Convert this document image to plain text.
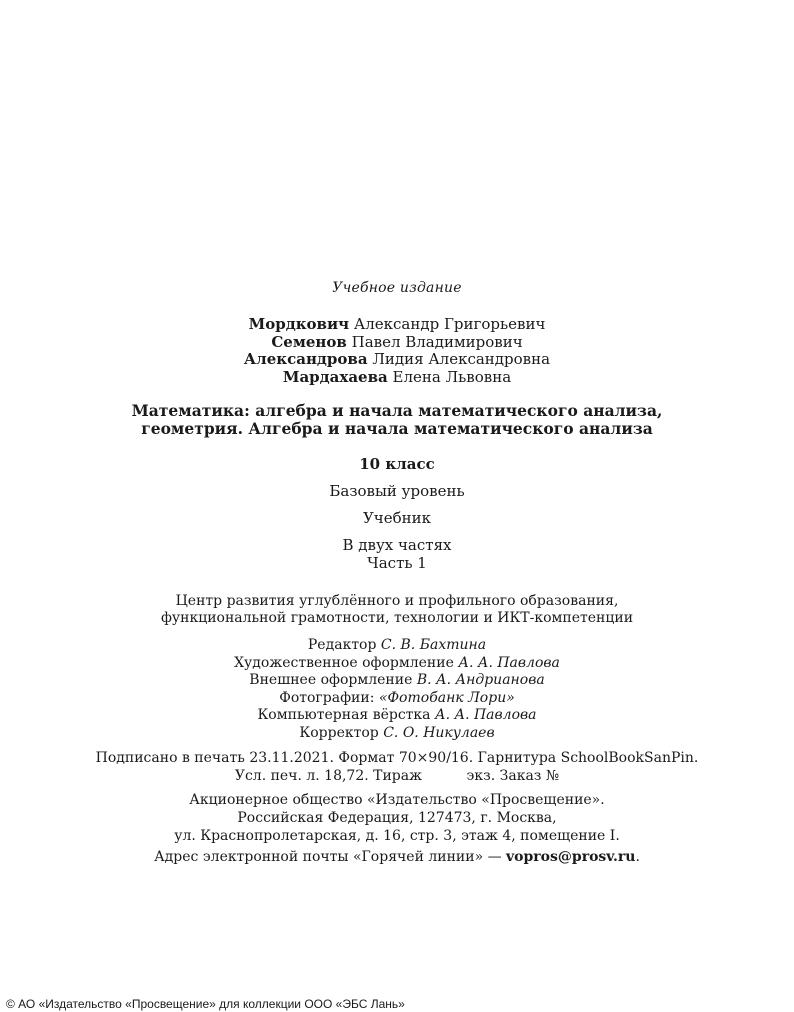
Учебное издание
Мордкович Александр Григорьевич
Семенов Павел Владимирович
Александрова Лидия Александровна
Мардахаева Елена Львовна
Математика: алгебра и начала математического анализа,
геометрия. Алгебра и начала математического анализа
10 класс
Базовый уровень
Учебник
В двух частях
Часть 1
Центр развития углублённого и профильного образования,
функциональной грамотности, технологии и ИКТ-компетенции
Редактор С. В. Бахтина
Художественное оформление А. А. Павлова
Внешнее оформление В. А. Андрианова
Фотографии: «Фотобанк Лори»
Компьютерная вёрстка А. А. Павлова
Корректор С. О. Никулаев
Подписано в печать 23.11.2021. Формат 70×90/16. Гарнитура SchoolBookSanPin.
Усл. печ. л. 18,72. Тираж          экз. Заказ №
Акционерное общество «Издательство «Просвещение».
Российская Федерация, 127473, г. Москва,
ул. Краснопролетарская, д. 16, стр. 3, этаж 4, помещение I.
Адрес электронной почты «Горячей линии» — vopros@prosv.ru.
© АО «Издательство «Просвещение» для коллекции ООО «ЭБС Лань»
